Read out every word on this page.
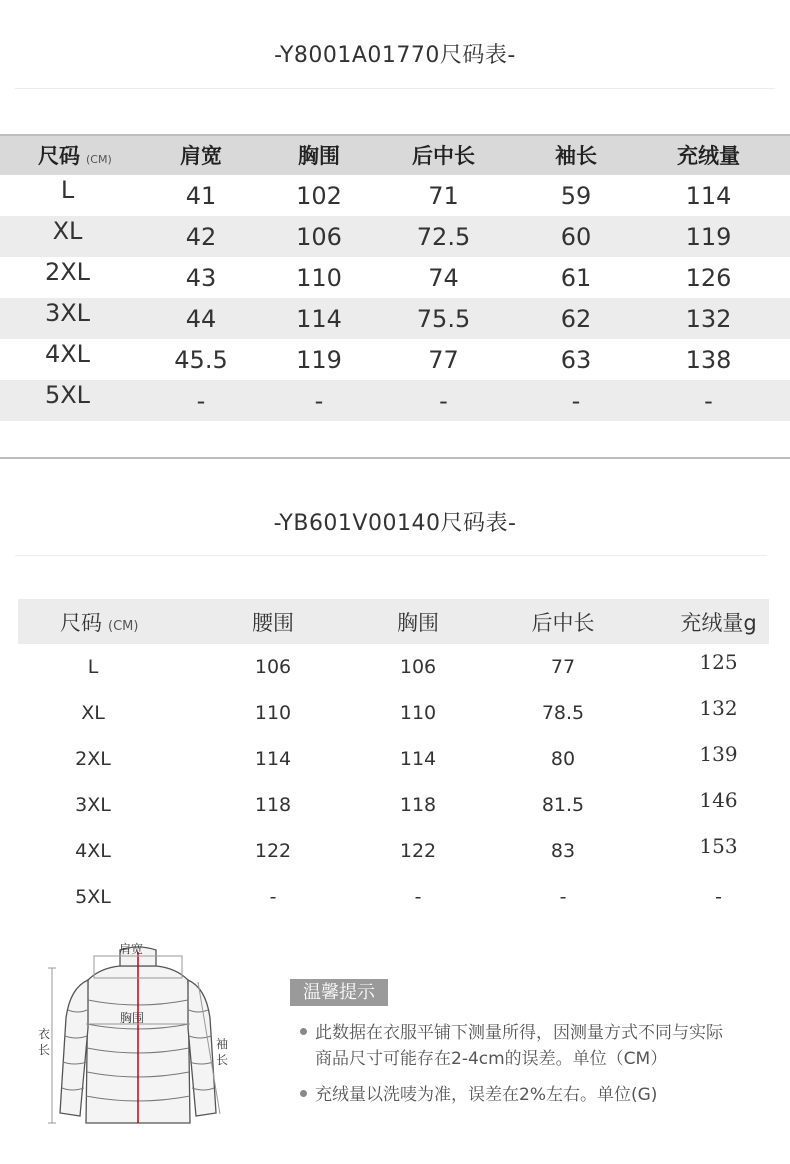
-Y8001A01770尺码表-
尺码 (CM)	肩宽	胸围	后中长	袖长	充绒量
L	41	102	71	59	114
XL	42	106	72.5	60	119
2XL	43	110	74	61	126
3XL	44	114	75.5	62	132
4XL	45.5	119	77	63	138
5XL	-	-	-	-	-
-YB601V00140尺码表-
尺码 (CM)	腰围	胸围	后中长	充绒量g
L	106	106	77	125
XL	110	110	78.5	132
2XL	114	114	80	139
3XL	118	118	81.5	146
4XL	122	122	83	153
5XL	-	-	-	-
肩宽
胸围
衣长	袖长
温馨提示
此数据在衣服平铺下测量所得，因测量方式不同与实际
商品尺寸可能存在2-4cm的误差。单位（CM）
充绒量以洗唛为准，误差在2%左右。单位(G)
